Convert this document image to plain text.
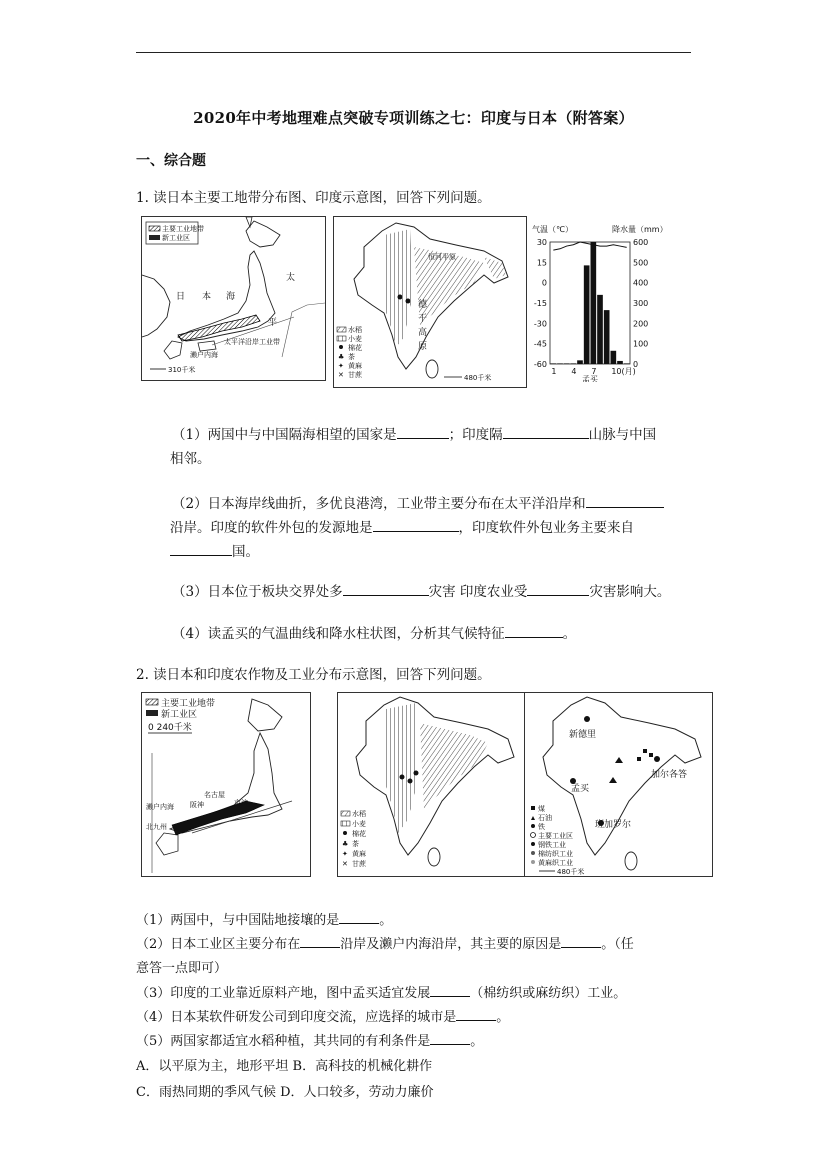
2020年中考地理难点突破专项训练之七：印度与日本（附答案）
一、综合题
1. 读日本主要工地带分布图、印度示意图，回答下列问题。
主要工业地带
新工业区
日 本 海
太
平
太平洋沿岸工业带
濑户内海
310千米
恒河平原
德
干
高
原
水稻
小麦
棉花
♣ 茶
✦ 黄麻
✕ 甘蔗	480千米
气温（℃）	降水量（mm）
30
15
0
-15
-30
-45
-60
600
500
400
300
200
100
0
1 4 7 10(月)
孟买
（1）两国中与中国隔海相望的国家是	；印度隔	山脉与中国
相邻。
（2）日本海岸线曲折，多优良港湾，工业带主要分布在太平洋沿岸和
沿岸。印度的软件外包的发源地是	，印度软件外包业务主要来自
国。
（3）日本位于板块交界处多	灾害 印度农业受	灾害影响大。
（4）读孟买的气温曲线和降水柱状图，分析其气候特征	。
2. 读日本和印度农作物及工业分布示意图，回答下列问题。
主要工业地带
新工业区
0 240千米
濑户内海
名古屋
阪神	京滨
北九州
水稻
小麦
棉花
♣ 茶
✦ 黄麻
✕ 甘蔗
新德里
孟买
加尔各答
班加罗尔
煤
石油
铁
主要工业区
钢铁工业
棉纺织工业
黄麻织工业
480千米
（1）两国中，与中国陆地接壤的是	。
（2）日本工业区主要分布在	沿岸及濑户内海沿岸，其主要的原因是	。（任
意答一点即可）
（3）印度的工业靠近原料产地，图中孟买适宜发展	（棉纺织或麻纺织）工业。
（4）日本某软件研发公司到印度交流，应选择的城市是	。
（5）两国家都适宜水稻种植，其共同的有利条件是	。
A．以平原为主，地形平坦 B．高科技的机械化耕作
C．雨热同期的季风气候 D．人口较多，劳动力廉价
